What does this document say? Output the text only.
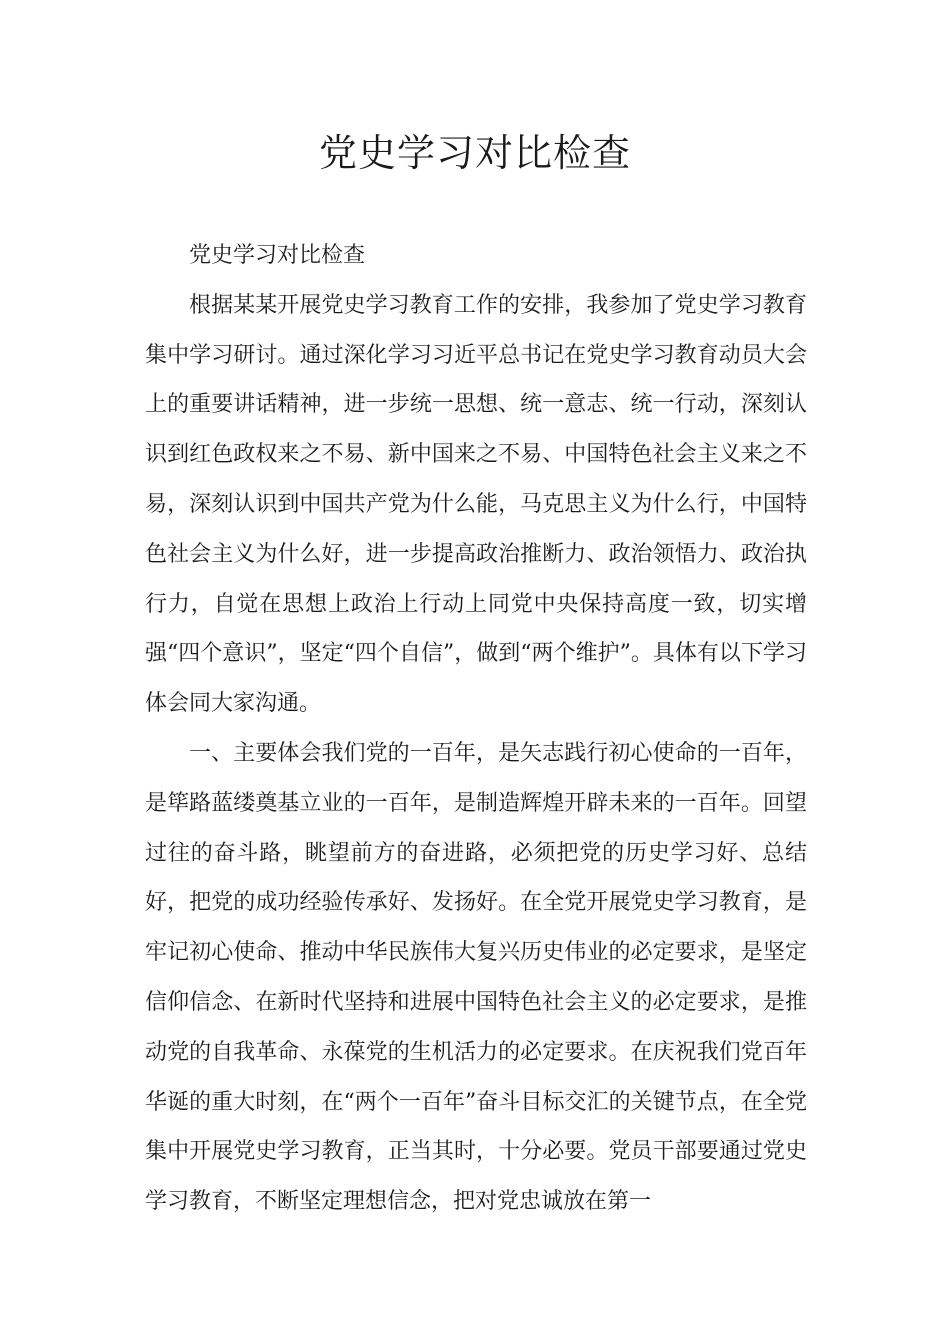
党史学习对比检查

党史学习对比检查

根据某某开展党史学习教育工作的安排，我参加了党史学习教育集中学习研讨。通过深化学习习近平总书记在党史学习教育动员大会上的重要讲话精神，进一步统一思想、统一意志、统一行动，深刻认识到红色政权来之不易、新中国来之不易、中国特色社会主义来之不易，深刻认识到中国共产党为什么能，马克思主义为什么行，中国特色社会主义为什么好，进一步提高政治推断力、政治领悟力、政治执行力，自觉在思想上政治上行动上同党中央保持高度一致，切实增强“四个意识”，坚定“四个自信”，做到“两个维护”。具体有以下学习体会同大家沟通。

一、主要体会我们党的一百年，是矢志践行初心使命的一百年，是筚路蓝缕奠基立业的一百年，是制造辉煌开辟未来的一百年。回望过往的奋斗路，眺望前方的奋进路，必须把党的历史学习好、总结好，把党的成功经验传承好、发扬好。在全党开展党史学习教育，是牢记初心使命、推动中华民族伟大复兴历史伟业的必定要求，是坚定信仰信念、在新时代坚持和进展中国特色社会主义的必定要求，是推动党的自我革命、永葆党的生机活力的必定要求。在庆祝我们党百年华诞的重大时刻，在“两个一百年”奋斗目标交汇的关键节点，在全党集中开展党史学习教育，正当其时，十分必要。党员干部要通过党史学习教育，不断坚定理想信念，把对党忠诚放在第一
